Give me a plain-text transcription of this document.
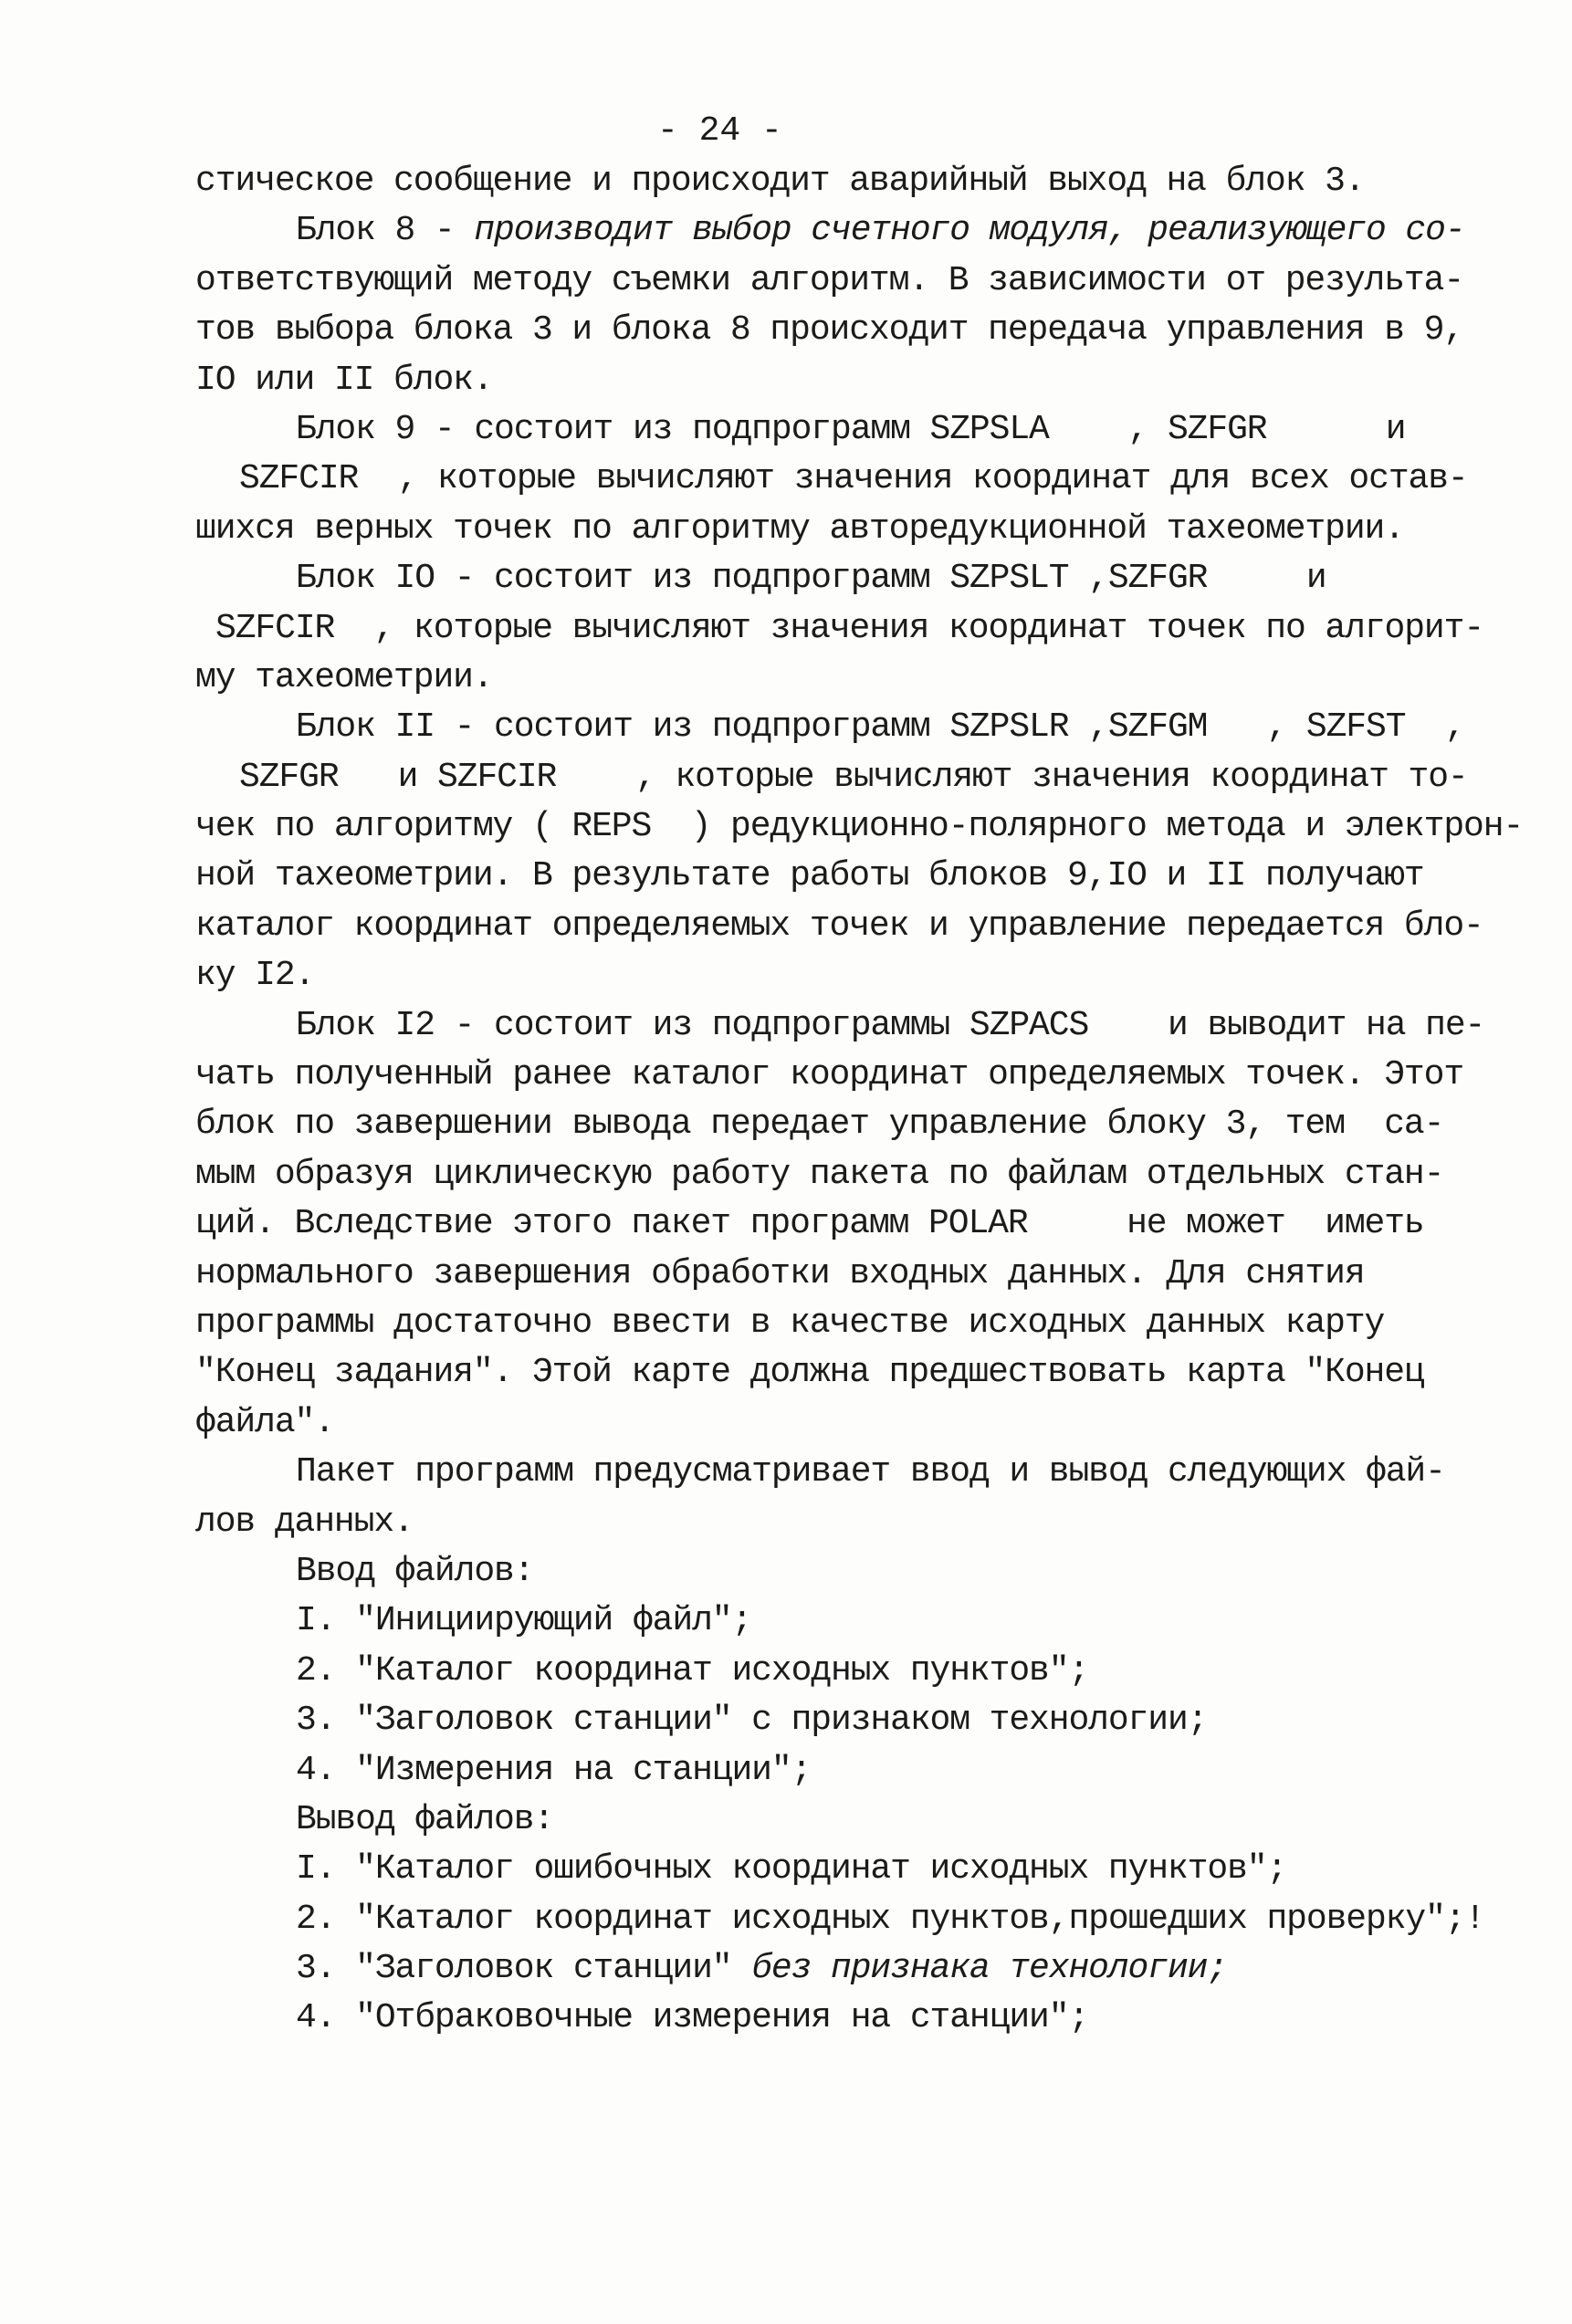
- 24 -
стическое сообщение и происходит аварийный выход на блок 3.
Блок 8 - производит выбор счетного модуля, реализующего со-
ответствующий методу съемки алгоритм. В зависимости от результа-
тов выбора блока 3 и блока 8 происходит передача управления в 9,
IO или II блок.
Блок 9 - состоит из подпрограмм SZPSLA    , SZFGR      и
SZFCIR  , которые вычисляют значения координат для всех остав-
шихся верных точек по алгоритму авторедукционной тахеометрии.
Блок IO - состоит из подпрограмм SZPSLT ,SZFGR     и
SZFCIR  , которые вычисляют значения координат точек по алгорит-
му тахеометрии.
Блок II - состоит из подпрограмм SZPSLR ,SZFGM   , SZFST  ,
SZFGR   и SZFCIR    , которые вычисляют значения координат то-
чек по алгоритму ( REPS  ) редукционно-полярного метода и электрон-
ной тахеометрии. В результате работы блоков 9,IO и II получают
каталог координат определяемых точек и управление передается бло-
ку I2.
Блок I2 - состоит из подпрограммы SZPACS    и выводит на пе-
чать полученный ранее каталог координат определяемых точек. Этот
блок по завершении вывода передает управление блоку 3, тем  са-
мым образуя циклическую работу пакета по файлам отдельных стан-
ций. Вследствие этого пакет программ POLAR     не может  иметь
нормального завершения обработки входных данных. Для снятия
программы достаточно ввести в качестве исходных данных карту
"Конец задания". Этой карте должна предшествовать карта "Конец
файла".
Пакет программ предусматривает ввод и вывод следующих фай-
лов данных.
Ввод файлов:
I. "Инициирующий файл";
2. "Каталог координат исходных пунктов";
3. "Заголовок станции" с признаком технологии;
4. "Измерения на станции";
Вывод файлов:
I. "Каталог ошибочных координат исходных пунктов";
2. "Каталог координат исходных пунктов,прошедших проверку";!
3. "Заголовок станции" без признака технологии;
4. "Отбраковочные измерения на станции";
